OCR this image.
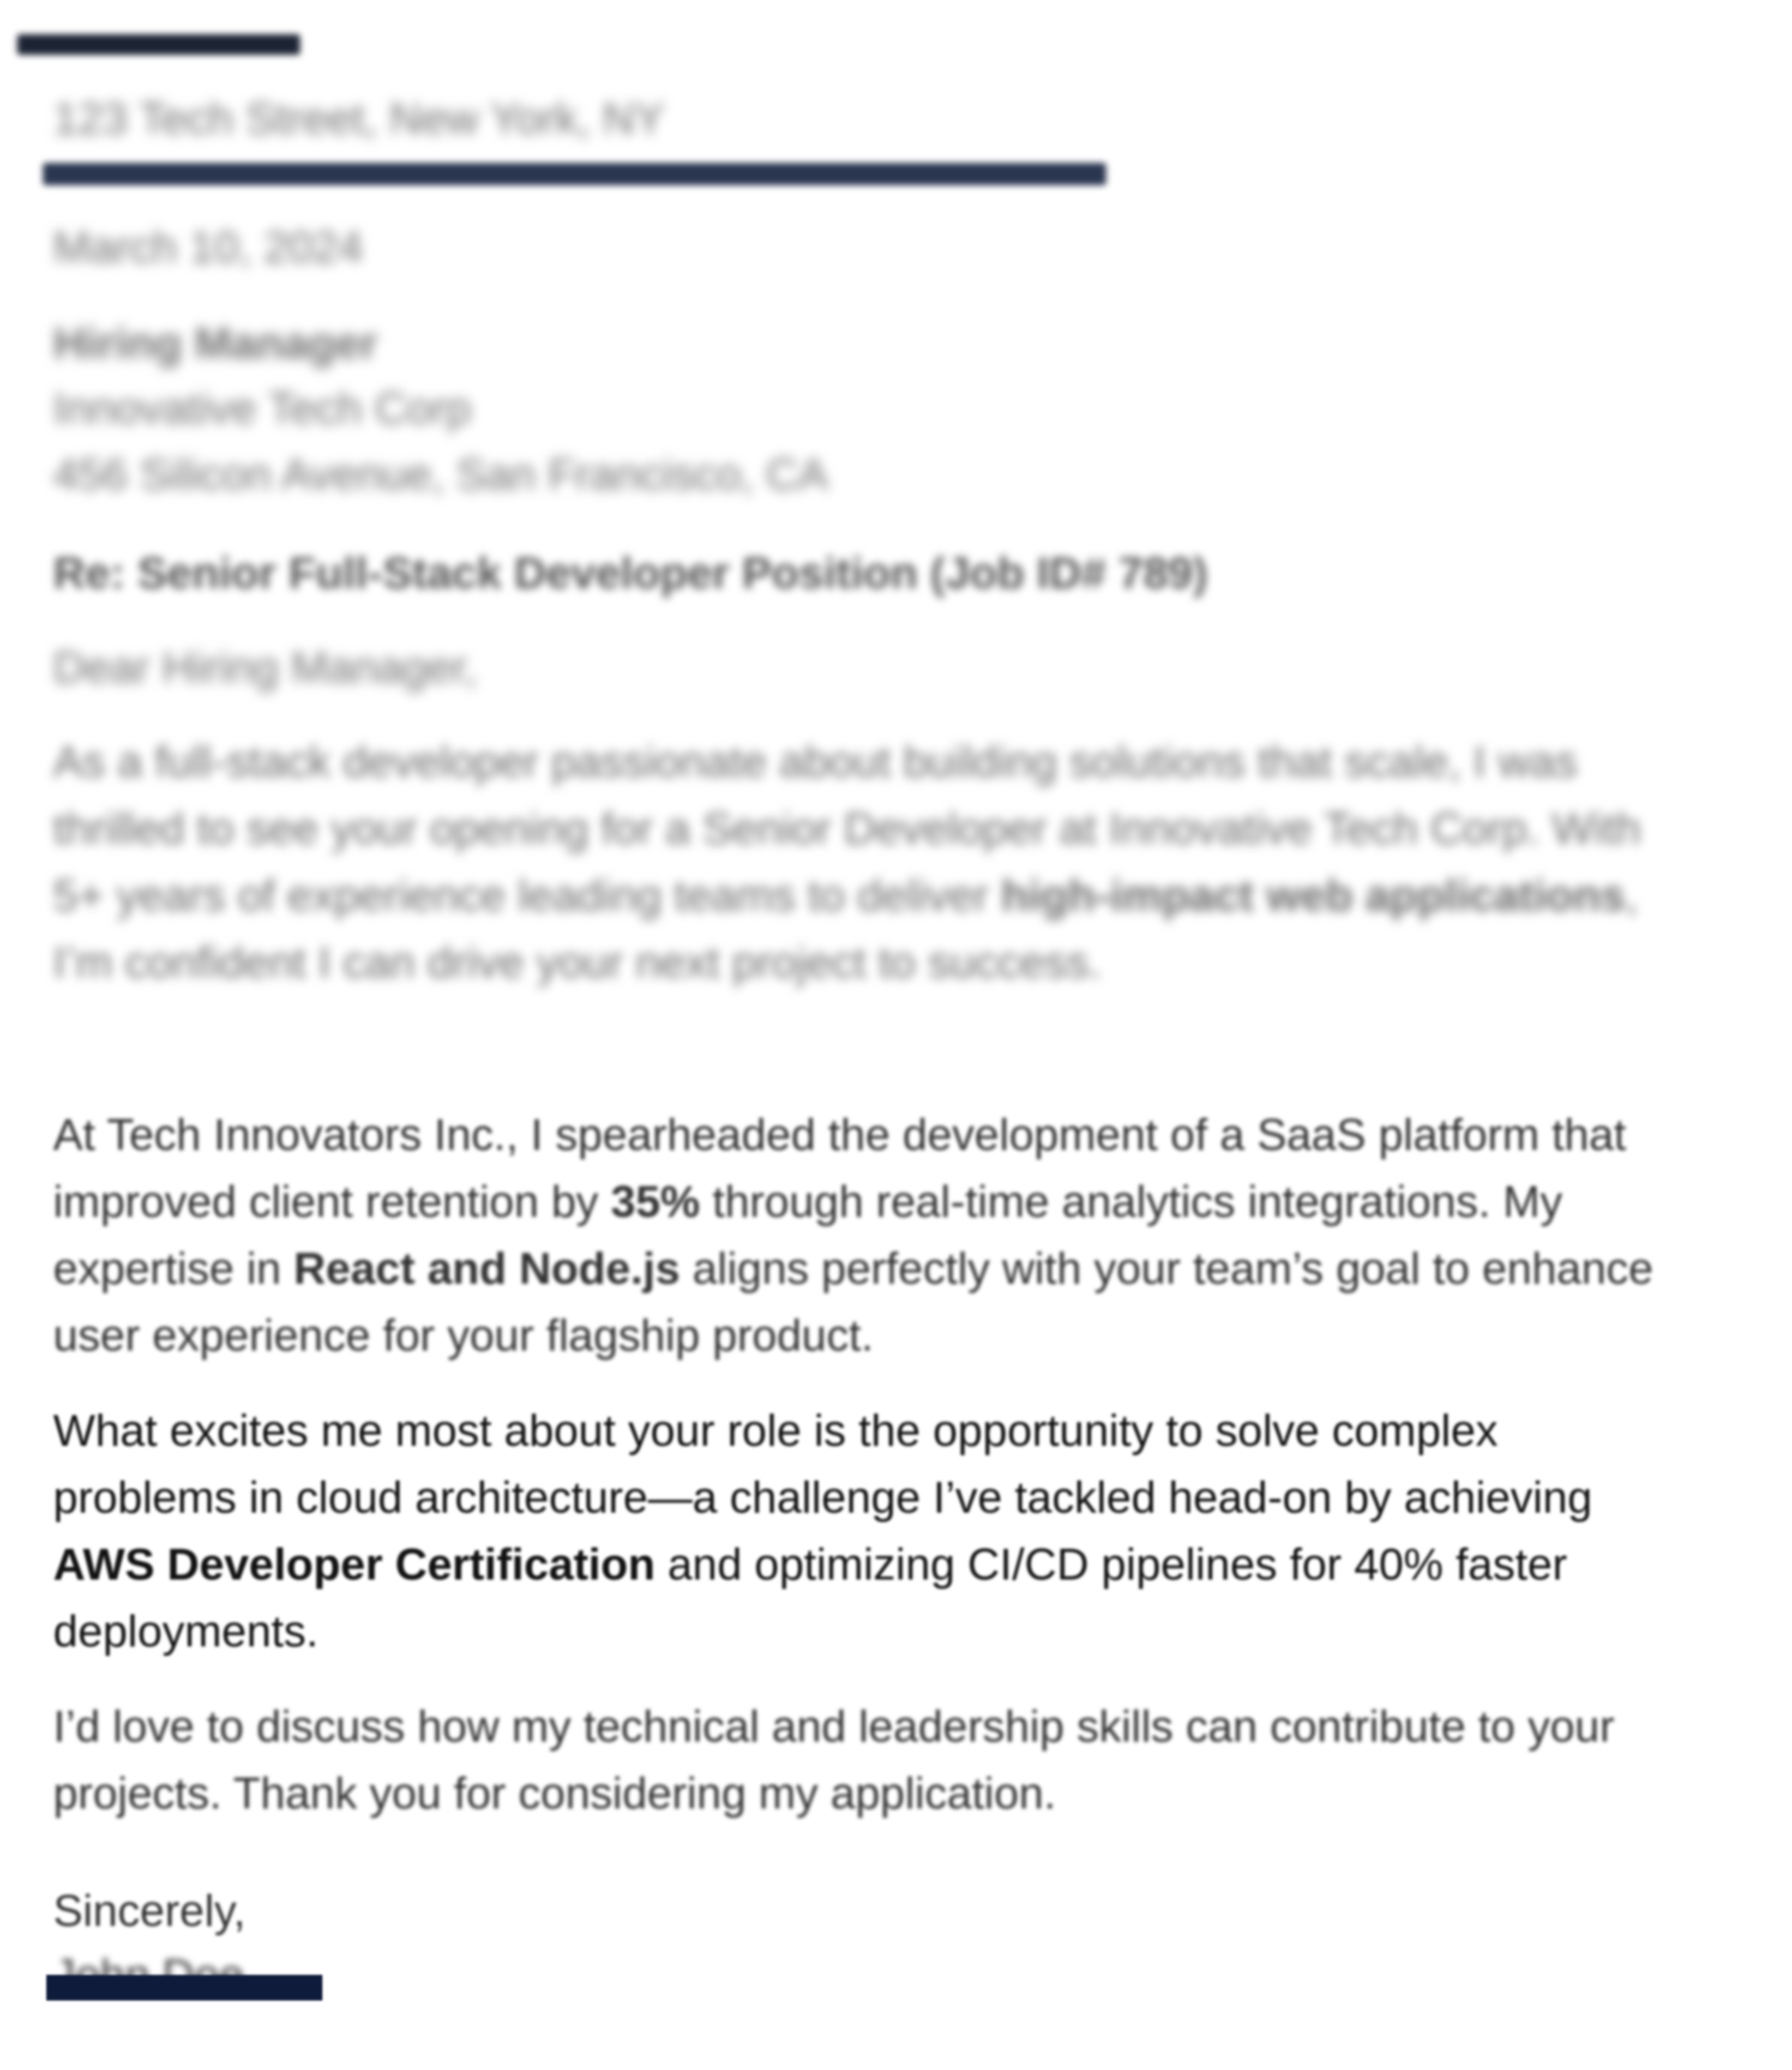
123 Tech Street, New York, NY
March 10, 2024
Hiring Manager
Innovative Tech Corp
456 Silicon Avenue, San Francisco, CA
Re: Senior Full-Stack Developer Position (Job ID# 789)
Dear Hiring Manager,
As a full-stack developer passionate about building solutions that scale, I was thrilled to see your opening for a Senior Developer at Innovative Tech Corp. With 5+ years of experience leading teams to deliver high-impact web applications, I’m confident I can drive your next project to success.
At Tech Innovators Inc., I spearheaded the development of a SaaS platform that improved client retention by 35% through real-time analytics integrations. My expertise in React and Node.js aligns perfectly with your team’s goal to enhance user experience for your flagship product.
What excites me most about your role is the opportunity to solve complex problems in cloud architecture—a challenge I’ve tackled head-on by achieving AWS Developer Certification and optimizing CI/CD pipelines for 40% faster deployments.
I’d love to discuss how my technical and leadership skills can contribute to your projects. Thank you for considering my application.
Sincerely,
